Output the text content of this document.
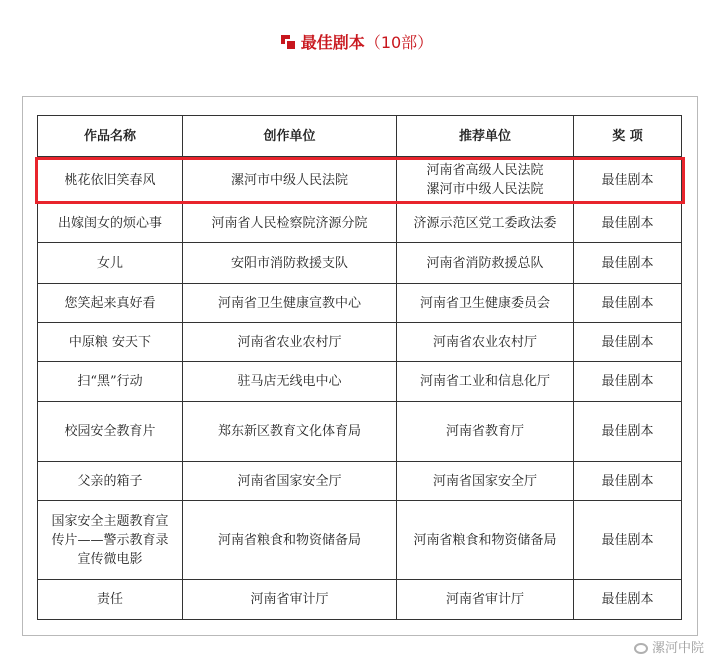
最佳剧本（10部）
作品名称	创作单位	推荐单位	奖 项
桃花依旧笑春风	漯河市中级人民法院	河南省高级人民法院
漯河市中级人民法院	最佳剧本
出嫁闺女的烦心事	河南省人民检察院济源分院	济源示范区党工委政法委	最佳剧本
女儿	安阳市消防救援支队	河南省消防救援总队	最佳剧本
您笑起来真好看	河南省卫生健康宣教中心	河南省卫生健康委员会	最佳剧本
中原粮 安天下	河南省农业农村厅	河南省农业农村厅	最佳剧本
扫“黑”行动	驻马店无线电中心	河南省工业和信息化厅	最佳剧本
校园安全教育片	郑东新区教育文化体育局	河南省教育厅	最佳剧本
父亲的箱子	河南省国家安全厅	河南省国家安全厅	最佳剧本

国家安全主题教育宣
传片——警示教育录
宣传微电影	河南省粮食和物资储备局	河南省粮食和物资储备局	最佳剧本
责任	河南省审计厅	河南省审计厅	最佳剧本
漯河中院
